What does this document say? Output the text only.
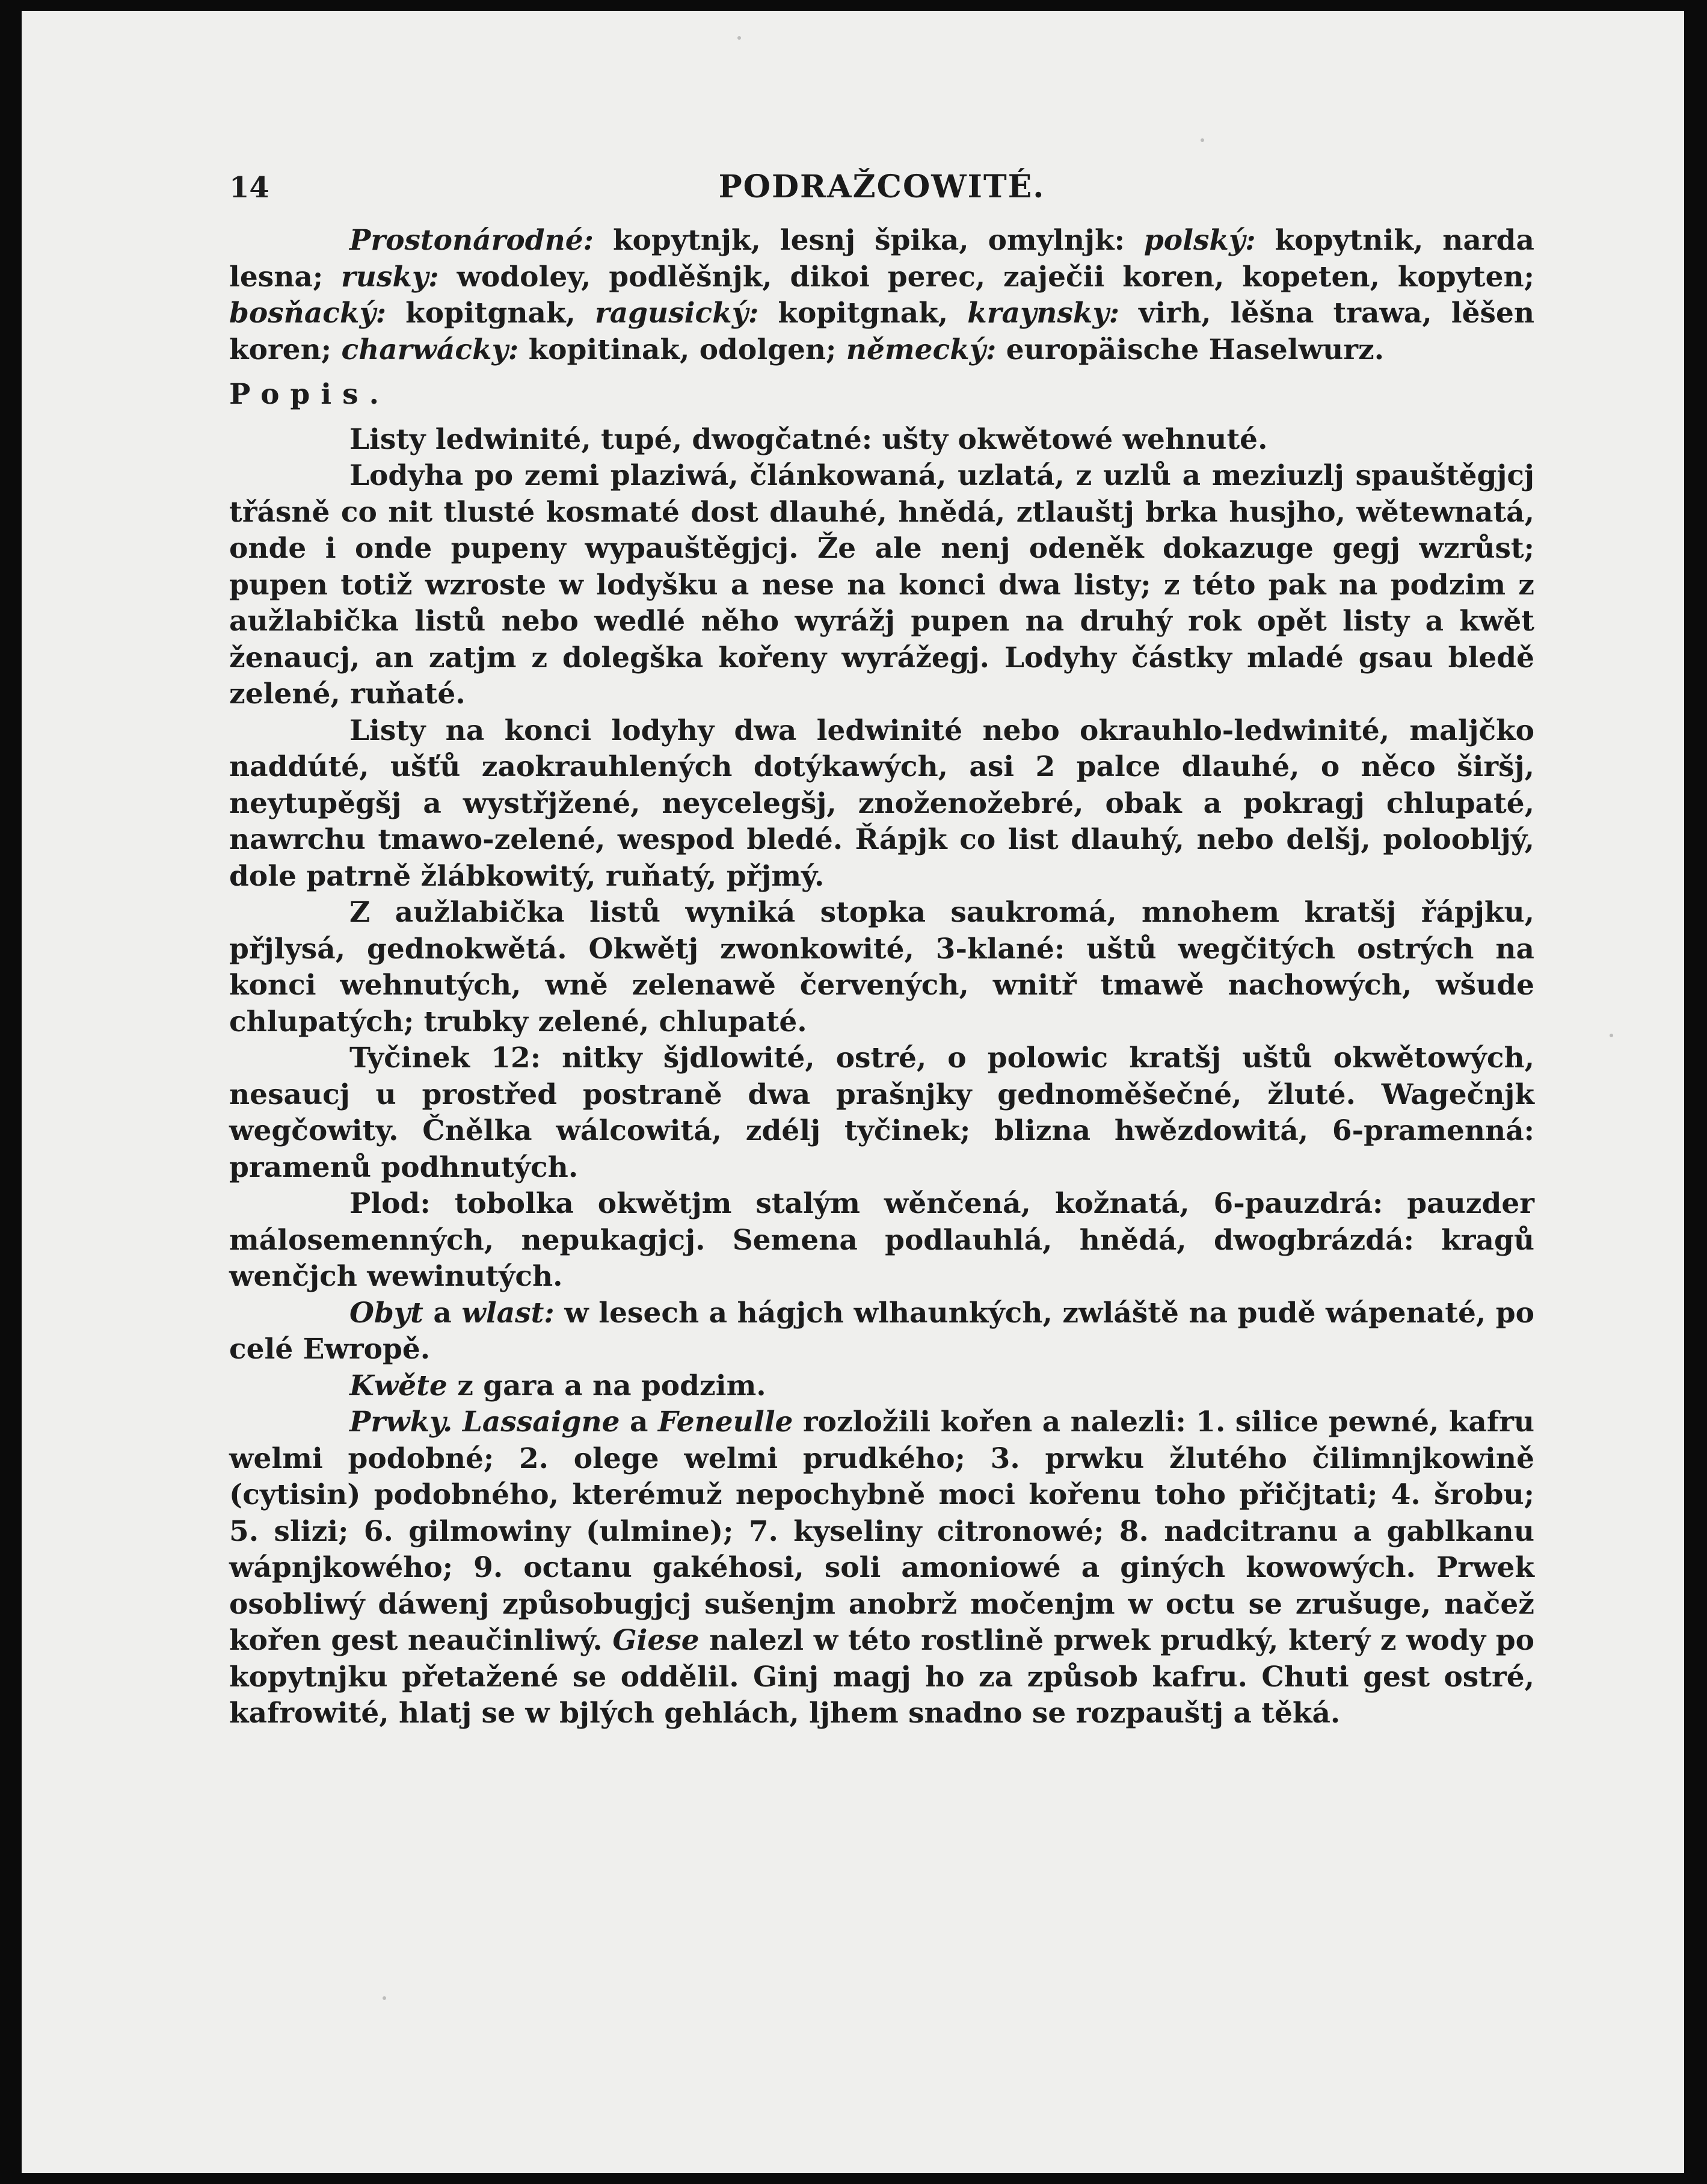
14	PODRAŽCOWITÉ.

Prostonárodné: kopytnjk, lesnj špika, omylnjk: polský: kopytnik, narda lesna; rusky: wodoley, podlěšnjk, dikoi perec, zaječii koren, kopeten, kopyten; bosňacký: kopitgnak, ragusický: kopitgnak, kraynsky: virh, lěšna trawa, lěšen koren; charwácky: kopitinak, odolgen; německý: europäische Haselwurz.

Popis.

Listy ledwinité, tupé, dwogčatné: ušty okwětowé wehnuté.

Lodyha po zemi plaziwá, článkowaná, uzlatá, z uzlů a meziuzlj spauštěgjcj třásně co nit tlusté kosmaté dost dlauhé, hnědá, ztlauštj brka husjho, wětewnatá, onde i onde pupeny wypauštěgjcj. Že ale nenj odeněk dokazuge gegj wzrůst; pupen totiž wzroste w lodyšku a nese na konci dwa listy; z této pak na podzim z aužlabička listů nebo wedlé něho wyrážj pupen na druhý rok opět listy a kwět ženaucj, an zatjm z dolegška kořeny wyrážegj. Lodyhy částky mladé gsau bledě zelené, ruňaté.

Listy na konci lodyhy dwa ledwinité nebo okrauhlo-ledwinité, maljčko naddúté, ušťů zaokrauhlených dotýkawých, asi 2 palce dlauhé, o něco širšj, neytupěgšj a wystřjžené, neycelegšj, znoženožebré, obak a pokragj chlupaté, nawrchu tmawo-zelené, wespod bledé. Řápjk co list dlauhý, nebo delšj, poloobljý, dole patrně žlábkowitý, ruňatý, přjmý.

Z aužlabička listů wyniká stopka saukromá, mnohem kratšj řápjku, přjlysá, gednokwětá. Okwětj zwonkowité, 3-klané: uštů wegčitých ostrých na konci wehnutých, wně zelenawě červených, wnitř tmawě nachowých, wšude chlupatých; trubky zelené, chlupaté.

Tyčinek 12: nitky šjdlowité, ostré, o polowic kratšj uštů okwětowých, nesaucj u prostřed postraně dwa prašnjky gednoměšečné, žluté. Wagečnjk wegčowity. Čnělka wálcowitá, zdélj tyčinek; blizna hwězdowitá, 6-pramenná: pramenů podhnutých.

Plod: tobolka okwětjm stalým wěnčená, kožnatá, 6-pauzdrá: pauzder málosemenných, nepukagjcj. Semena podlauhlá, hnědá, dwogbrázdá: kragů wenčjch wewinutých.

Obyt a wlast: w lesech a hágjch wlhaunkých, zwláště na pudě wápenaté, po celé Ewropě.

Kwěte z gara a na podzim.

Prwky. Lassaigne a Feneulle rozložili kořen a nalezli: 1. silice pewné, kafru welmi podobné; 2. olege welmi prudkého; 3. prwku žlutého čilimnjkowině (cytisin) podobného, kterémuž nepochybně moci kořenu toho přičjtati; 4. šrobu; 5. slizi; 6. gilmowiny (ulmine); 7. kyseliny citronowé; 8. nadcitranu a gablkanu wápnjkowého; 9. octanu gakéhosi, soli amoniowé a giných kowowých. Prwek osobliwý dáwenj způsobugjcj sušenjm anobrž močenjm w octu se zrušuge, načež kořen gest neaučinliwý. Giese nalezl w této rostlině prwek prudký, který z wody po kopytnjku přetažené se oddělil. Ginj magj ho za způsob kafru. Chuti gest ostré, kafrowité, hlatj se w bjlých gehlách, ljhem snadno se rozpauštj a těká.
